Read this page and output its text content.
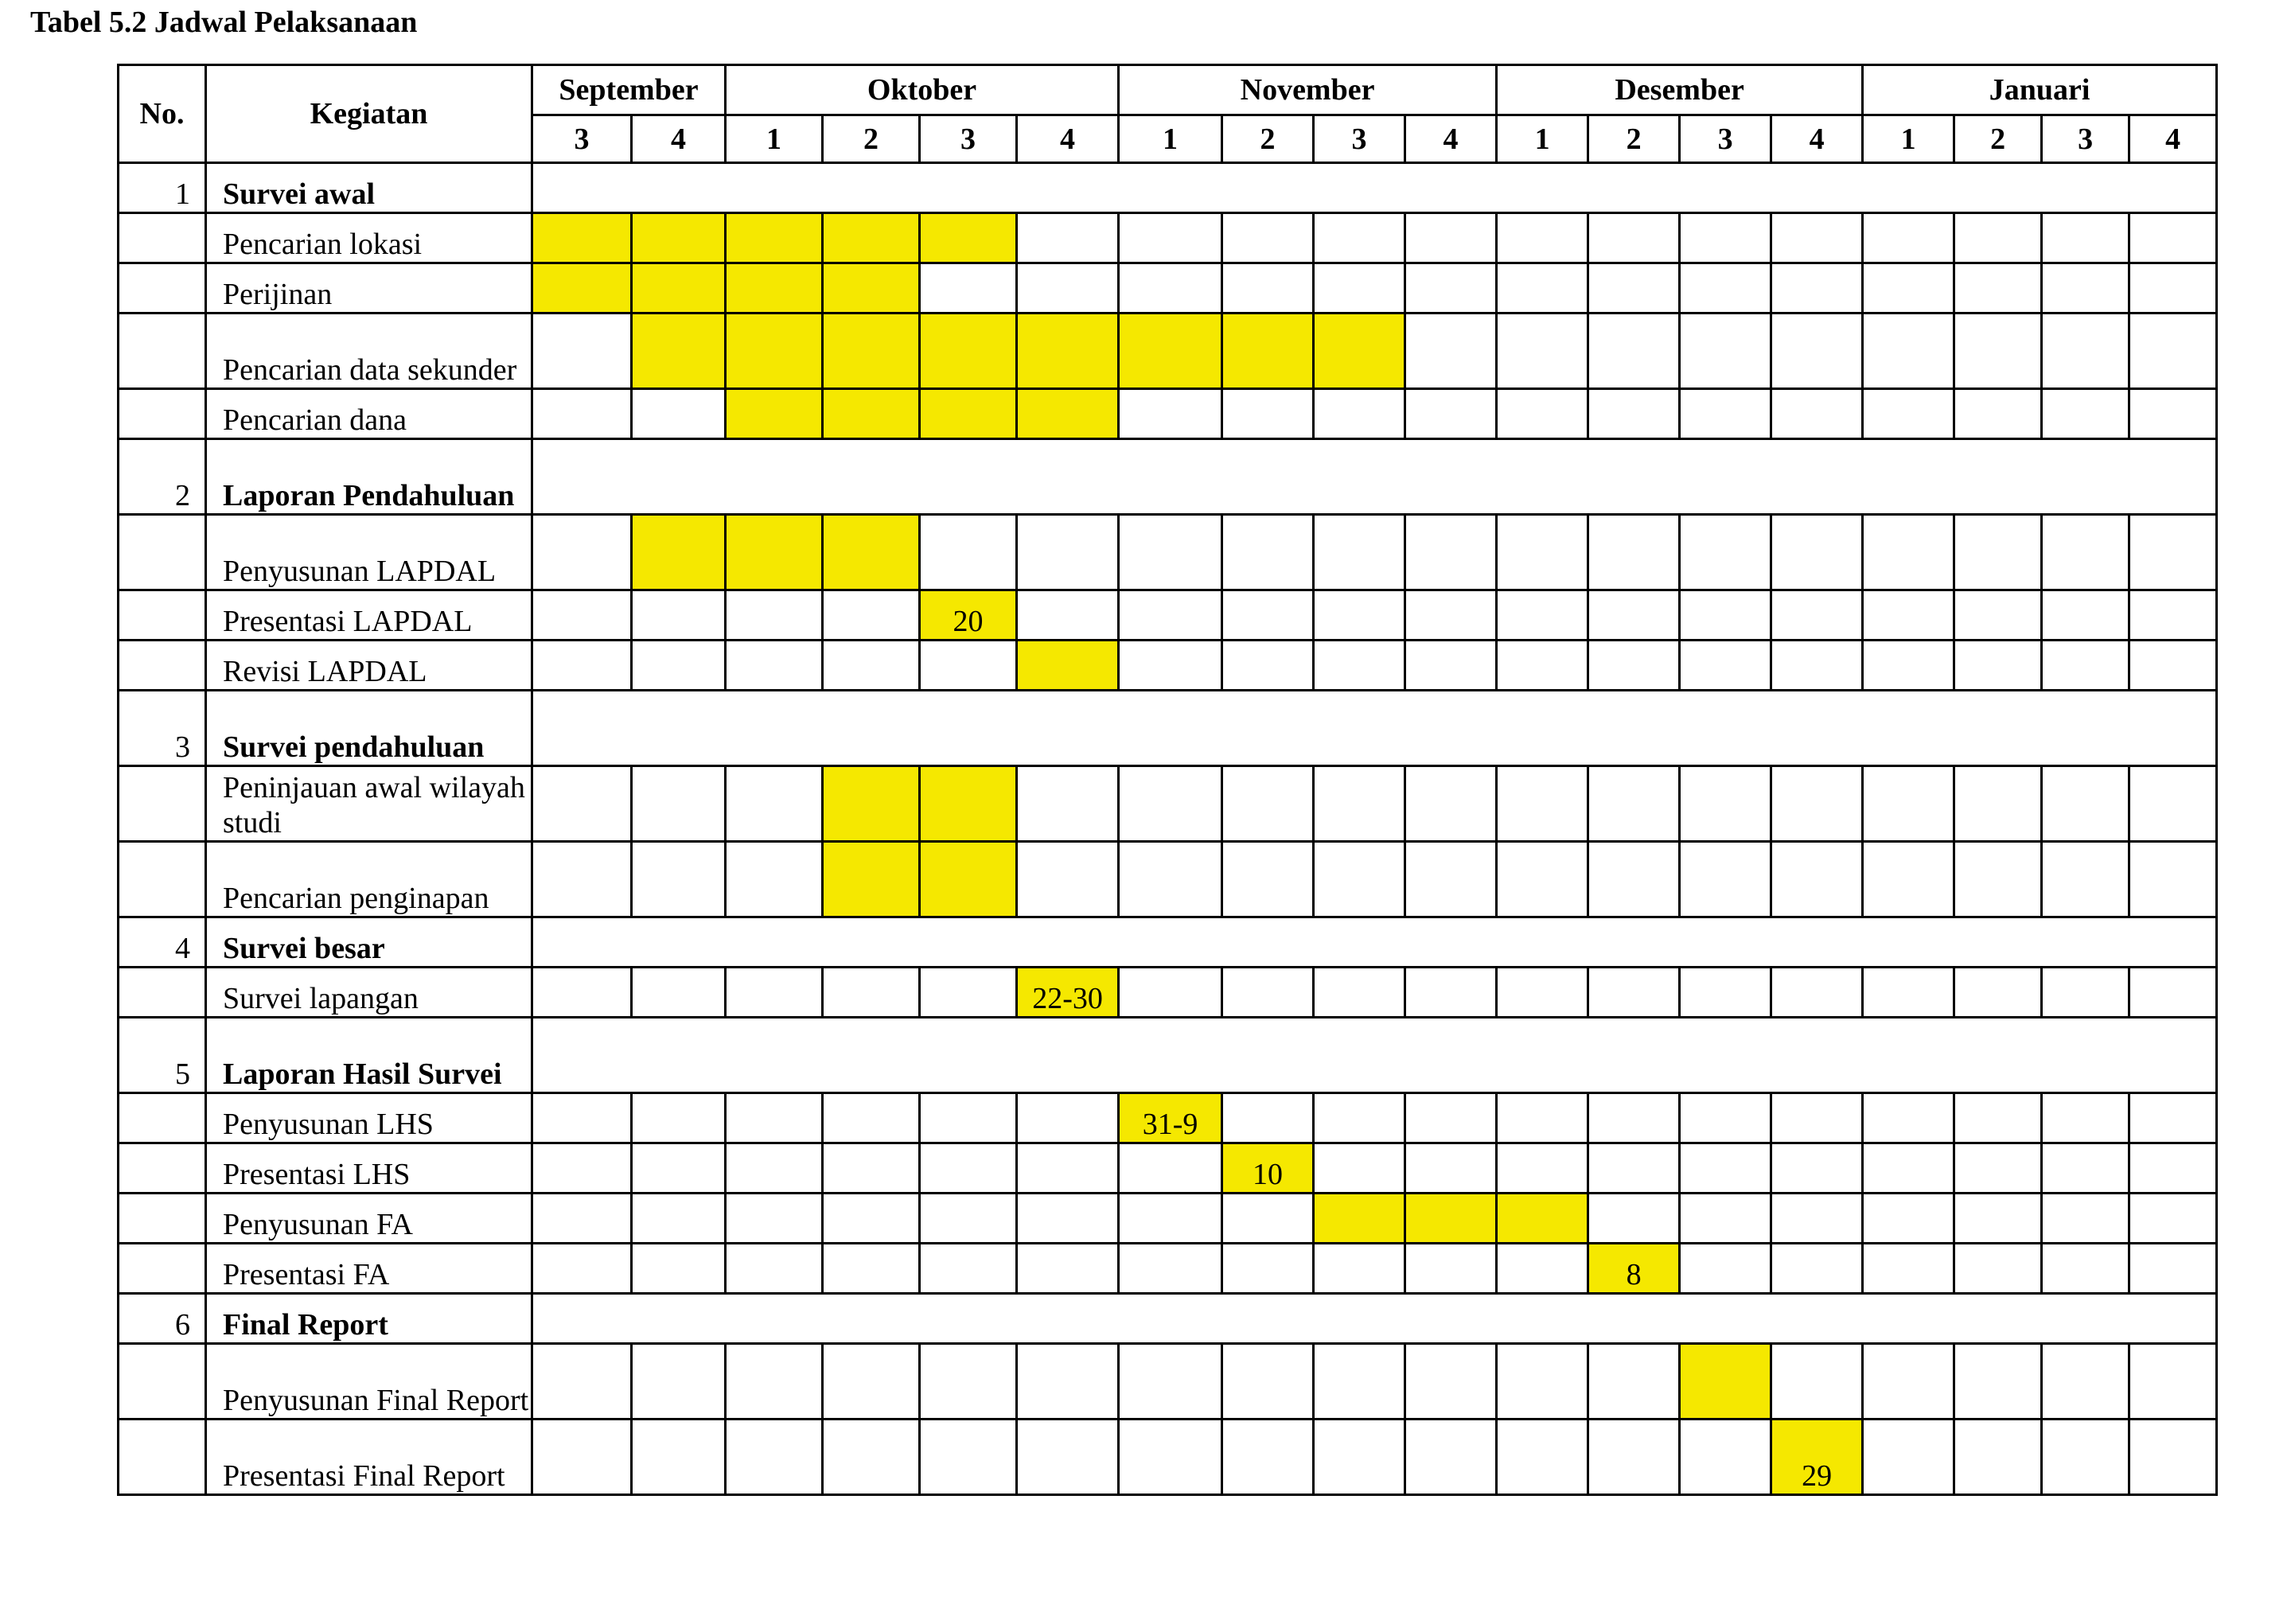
Tabel 5.2 Jadwal Pelaksanaan
No.	Kegiatan	September		Oktober				November				Desember				Januari			
		3	4	1	2	3	4	1	2	3	4	1	2	3	4	1	2	3	4
1	Survei awal																		
	Pencarian lokasi																		
	Perijinan																		
	Pencarian data sekunder																		
	Pencarian dana																		
2	Laporan Pendahuluan																		
	Penyusunan LAPDAL																		
	Presentasi LAPDAL					20													
	Revisi LAPDAL																		
3	Survei pendahuluan																		
	Peninjauan awal wilayah studi																		
	Pencarian penginapan																		
4	Survei besar																		
	Survei lapangan						22-30												
5	Laporan Hasil Survei																		
	Penyusunan LHS							31-9											
	Presentasi LHS								10										
	Penyusunan FA																		
	Presentasi FA												8						
6	Final Report																		
	Penyusunan Final Report																		
	Presentasi Final Report														29				
